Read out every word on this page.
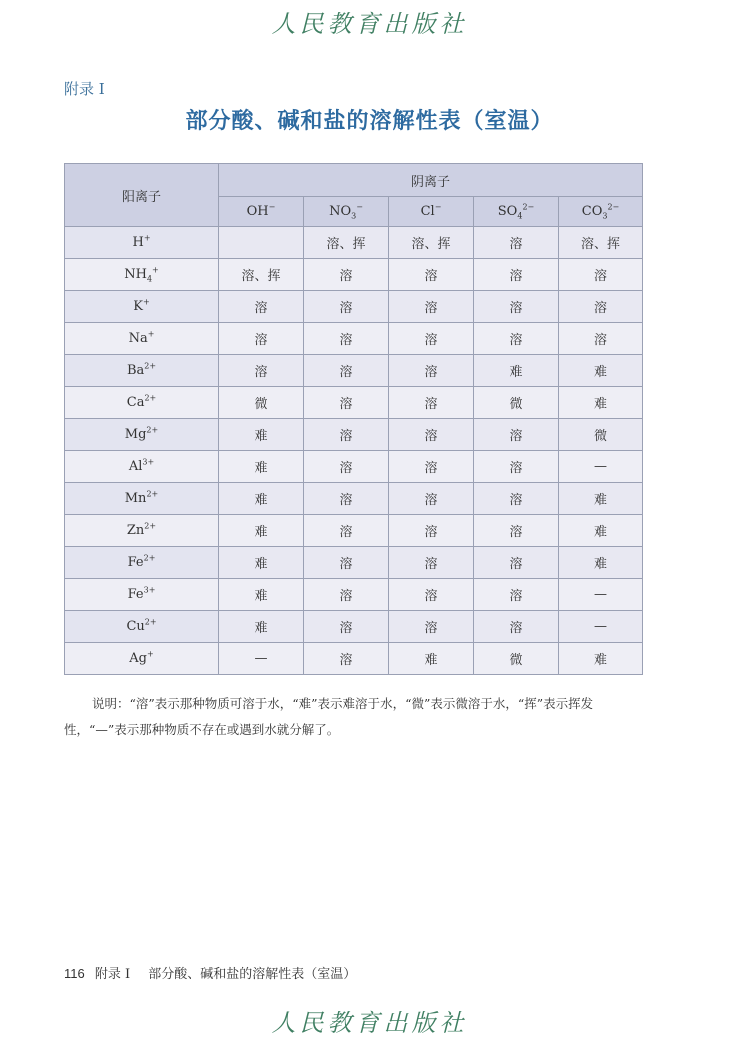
人民教育出版社
附录 I
部分酸、碱和盐的溶解性表（室温）
阳离子	阴离子				
	OH−	$NO_3^-$	Cl−	$SO_4^{2-}$	$CO_3^{2-}$
H+		溶、挥	溶、挥	溶	溶、挥
$NH_4^+$	溶、挥	溶	溶	溶	溶
K+	溶	溶	溶	溶	溶
Na+	溶	溶	溶	溶	溶
$Ba^{2+}$	溶	溶	溶	难	难
$Ca^{2+}$	微	溶	溶	微	难
$Mg^{2+}$	难	溶	溶	溶	微
$Al^{3+}$	难	溶	溶	溶	—
$Mn^{2+}$	难	溶	溶	溶	难
$Zn^{2+}$	难	溶	溶	溶	难
$Fe^{2+}$	难	溶	溶	溶	难
$Fe^{3+}$	难	溶	溶	溶	—
$Cu^{2+}$	难	溶	溶	溶	—
Ag+	—	溶	难	微	难
说明：“溶”表示那种物质可溶于水，“难”表示难溶于水，“微”表示微溶于水，“挥”表示挥发性，“—”表示那种物质不存在或遇到水就分解了。
116 附录 I 部分酸、碱和盐的溶解性表（室温）
人民教育出版社
